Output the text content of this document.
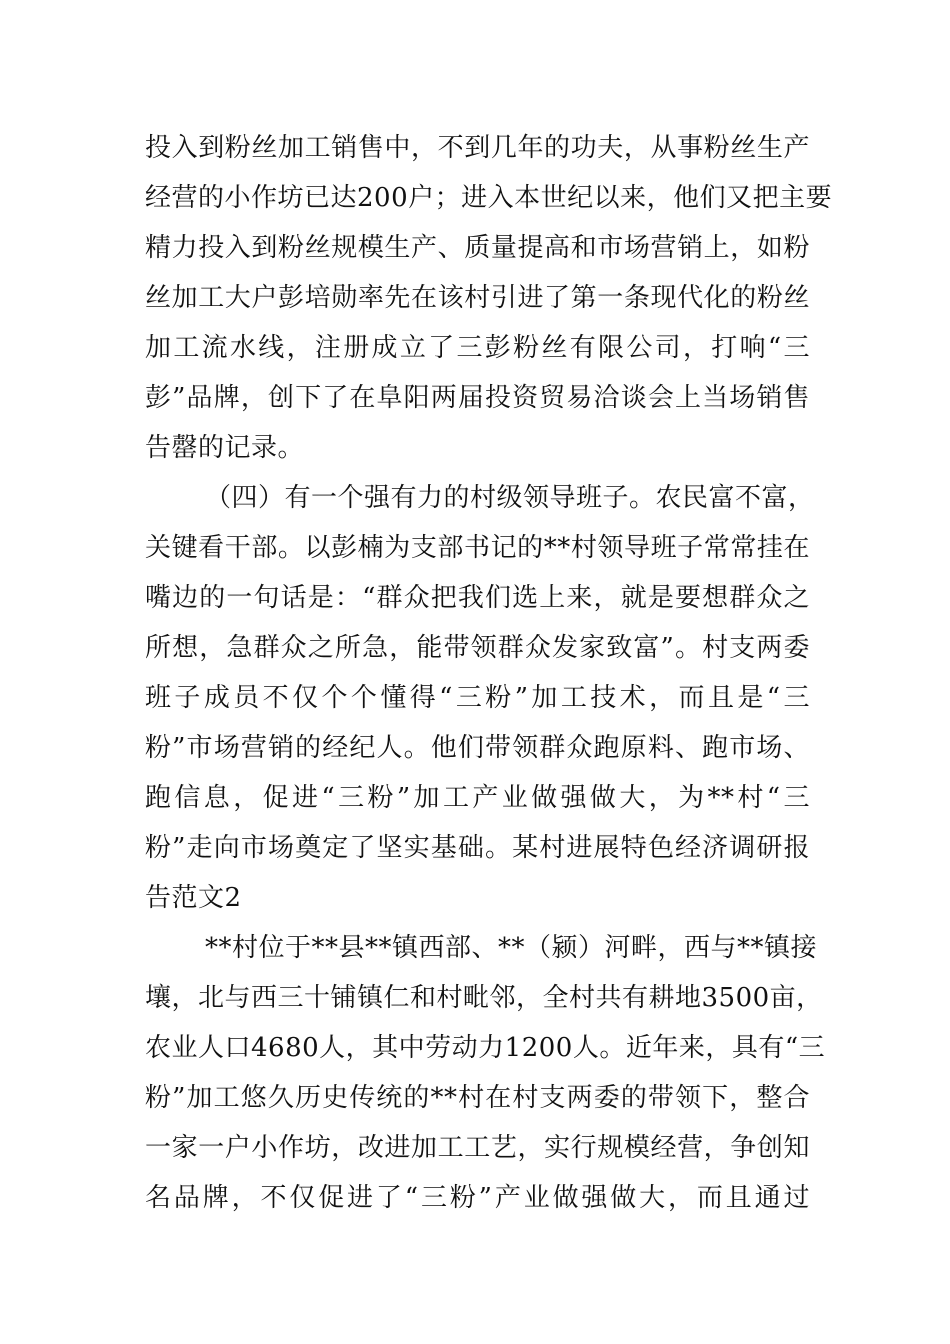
投入到粉丝加工销售中，不到几年的功夫，从事粉丝生产
经营的小作坊已达200户；进入本世纪以来，他们又把主要
精力投入到粉丝规模生产、质量提高和市场营销上，如粉
丝加工大户彭培勋率先在该村引进了第一条现代化的粉丝
加工流水线，注册成立了三彭粉丝有限公司，打响“三
彭”品牌，创下了在阜阳两届投资贸易洽谈会上当场销售
告罄的记录。
（四）有一个强有力的村级领导班子。农民富不富，
关键看干部。以彭楠为支部书记的**村领导班子常常挂在
嘴边的一句话是：“群众把我们选上来，就是要想群众之
所想，急群众之所急，能带领群众发家致富”。村支两委
班子成员不仅个个懂得“三粉”加工技术，而且是“三
粉”市场营销的经纪人。他们带领群众跑原料、跑市场、
跑信息，促进“三粉”加工产业做强做大，为**村“三
粉”走向市场奠定了坚实基础。某村进展特色经济调研报
告范文2
**村位于**县**镇西部、**（颍）河畔，西与**镇接
壤，北与西三十铺镇仁和村毗邻，全村共有耕地3500亩，
农业人口4680人，其中劳动力1200人。近年来，具有“三
粉”加工悠久历史传统的**村在村支两委的带领下，整合
一家一户小作坊，改进加工工艺，实行规模经营，争创知
名品牌，不仅促进了“三粉”产业做强做大，而且通过
